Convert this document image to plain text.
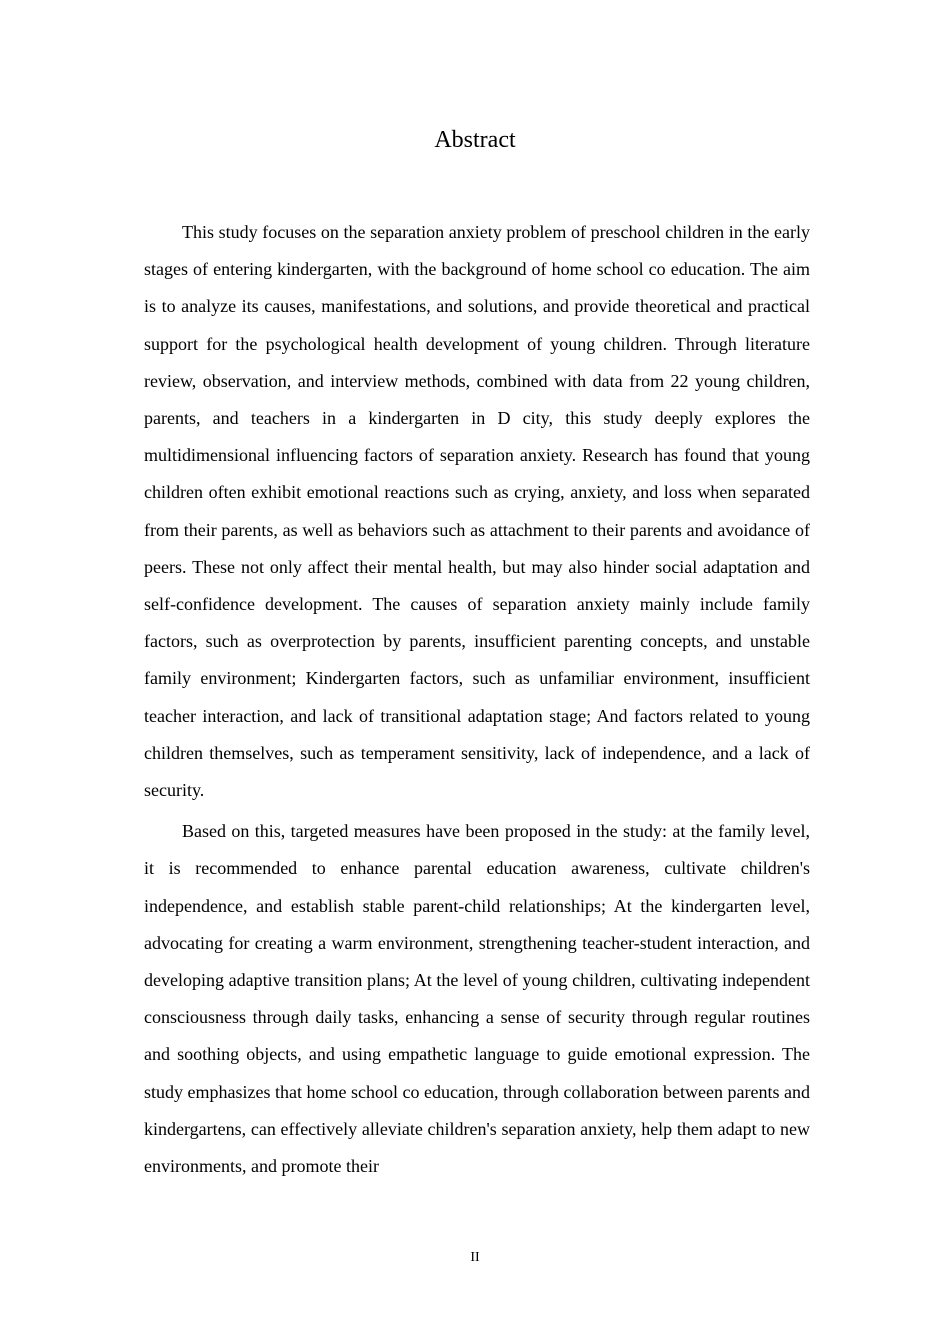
Abstract

This study focuses on the separation anxiety problem of preschool children in the early stages of entering kindergarten, with the background of home school co education. The aim is to analyze its causes, manifestations, and solutions, and provide theoretical and practical support for the psychological health development of young children. Through literature review, observation, and interview methods, combined with data from 22 young children, parents, and teachers in a kindergarten in D city, this study deeply explores the multidimensional influencing factors of separation anxiety. Research has found that young children often exhibit emotional reactions such as crying, anxiety, and loss when separated from their parents, as well as behaviors such as attachment to their parents and avoidance of peers. These not only affect their mental health, but may also hinder social adaptation and self-confidence development. The causes of separation anxiety mainly include family factors, such as overprotection by parents, insufficient parenting concepts, and unstable family environment; Kindergarten factors, such as unfamiliar environment, insufficient teacher interaction, and lack of transitional adaptation stage; And factors related to young children themselves, such as temperament sensitivity, lack of independence, and a lack of security.

Based on this, targeted measures have been proposed in the study: at the family level, it is recommended to enhance parental education awareness, cultivate children's independence, and establish stable parent-child relationships; At the kindergarten level, advocating for creating a warm environment, strengthening teacher-student interaction, and developing adaptive transition plans; At the level of young children, cultivating independent consciousness through daily tasks, enhancing a sense of security through regular routines and soothing objects, and using empathetic language to guide emotional expression. The study emphasizes that home school co education, through collaboration between parents and kindergartens, can effectively alleviate children's separation anxiety, help them adapt to new environments, and promote their

II
